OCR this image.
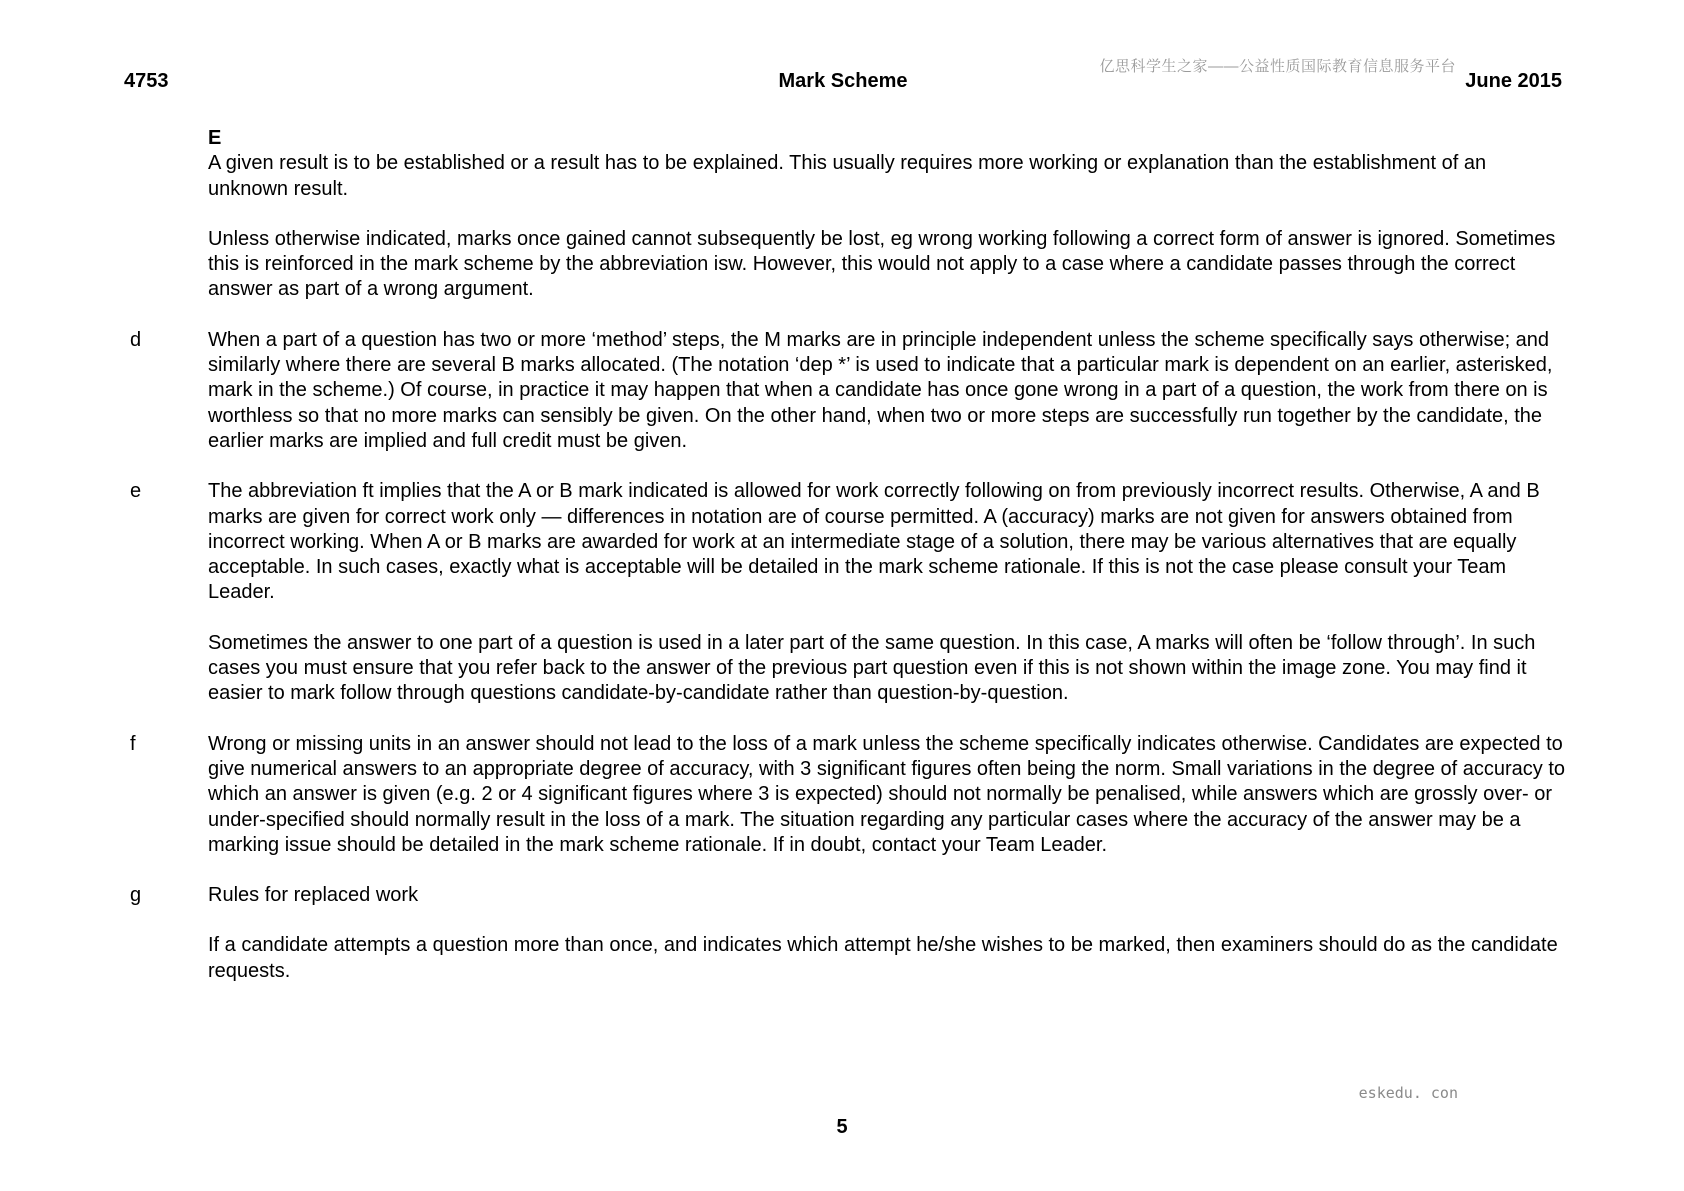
亿思科学生之家——公益性质国际教育信息服务平台
4753	Mark Scheme	June 2015

E

A given result is to be established or a result has to be explained. This usually requires more working or explanation than the establishment of an unknown result.

Unless otherwise indicated, marks once gained cannot subsequently be lost, eg wrong working following a correct form of answer is ignored. Sometimes this is reinforced in the mark scheme by the abbreviation isw. However, this would not apply to a case where a candidate passes through the correct answer as part of a wrong argument.

d	When a part of a question has two or more ‘method’ steps, the M marks are in principle independent unless the scheme specifically says otherwise; and similarly where there are several B marks allocated. (The notation ‘dep *’ is used to indicate that a particular mark is dependent on an earlier, asterisked, mark in the scheme.) Of course, in practice it may happen that when a candidate has once gone wrong in a part of a question, the work from there on is worthless so that no more marks can sensibly be given. On the other hand, when two or more steps are successfully run together by the candidate, the earlier marks are implied and full credit must be given.

e	The abbreviation ft implies that the A or B mark indicated is allowed for work correctly following on from previously incorrect results. Otherwise, A and B marks are given for correct work only — differences in notation are of course permitted. A (accuracy) marks are not given for answers obtained from incorrect working. When A or B marks are awarded for work at an intermediate stage of a solution, there may be various alternatives that are equally acceptable. In such cases, exactly what is acceptable will be detailed in the mark scheme rationale. If this is not the case please consult your Team Leader.

Sometimes the answer to one part of a question is used in a later part of the same question. In this case, A marks will often be ‘follow through’. In such cases you must ensure that you refer back to the answer of the previous part question even if this is not shown within the image zone. You may find it easier to mark follow through questions candidate-by-candidate rather than question-by-question.

f	Wrong or missing units in an answer should not lead to the loss of a mark unless the scheme specifically indicates otherwise. Candidates are expected to give numerical answers to an appropriate degree of accuracy, with 3 significant figures often being the norm. Small variations in the degree of accuracy to which an answer is given (e.g. 2 or 4 significant figures where 3 is expected) should not normally be penalised, while answers which are grossly over- or under-specified should normally result in the loss of a mark. The situation regarding any particular cases where the accuracy of the answer may be a marking issue should be detailed in the mark scheme rationale. If in doubt, contact your Team Leader.

g	Rules for replaced work

If a candidate attempts a question more than once, and indicates which attempt he/she wishes to be marked, then examiners should do as the candidate requests.

eskedu. con
5
